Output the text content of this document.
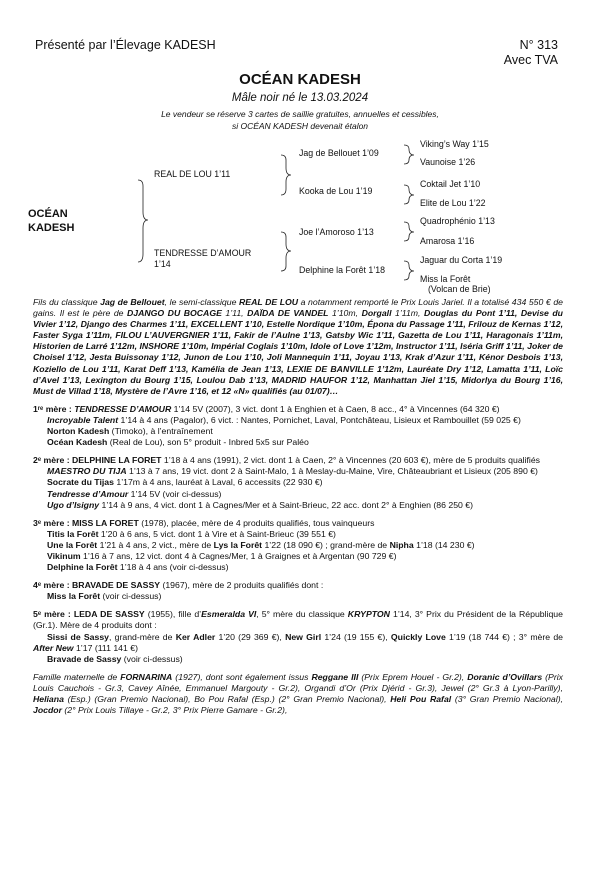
Présenté par l’Élevage KADESH	N° 313
Avec TVA
OCÉAN KADESH
Mâle noir né le 13.03.2024
Le vendeur se réserve 3 cartes de saillie gratuites, annuelles et cessibles,
si OCÉAN KADESH devenait étalon
OCÉAN
KADESH
REAL DE LOU 1’11
TENDRESSE D’AMOUR
1’14
Jag de Bellouet 1’09
Kooka de Lou 1’19
Joe l’Amoroso 1’13
Delphine la Forêt 1’18
Viking’s Way 1’15
Vaunoise 1’26
Coktail Jet 1’10
Elite de Lou 1’22
Quadrophénio 1’13
Amarosa 1’16
Jaguar du Corta 1’19
Miss la Forêt
(Volcan de Brie)

Fils du classique Jag de Bellouet, le semi-classique REAL DE LOU a notamment remporté le Prix Louis Jariel. Il a totalisé 434 550 € de gains. Il est le père de DJANGO DU BOCAGE 1’11, DAÏDA DE VANDEL 1’10m, Dorgall 1’11m, Douglas du Pont 1’11, Devise du Vivier 1’12, Django des Charmes 1’11, EXCELLENT 1’10, Estelle Nordique 1’10m, Épona du Passage 1’11, Frilouz de Kernas 1’12, Faster Syga 1’11m, FILOU L’AUVERGNIER 1’11, Fakir de l’Aulne 1’13, Gatsby Wic 1’11, Gazetta de Lou 1’11, Haragonais 1’11m, Historien de Larré 1’12m, INSHORE 1’10m, Impérial Coglais 1’10m, Idole of Love 1’12m, Instructor 1’11, Iséria Griff 1’11, Joker de Choisel 1’12, Jesta Buissonay 1’12, Junon de Lou 1’10, Joli Mannequin 1’11, Joyau 1’13, Krak d’Azur 1’11, Kénor Desbois 1’13, Koziello de Lou 1’11, Karat Deff 1’13, Kamélia de Jean 1’13, LEXIE DE BANVILLE 1’12m, Lauréate Dry 1’12, Lamatta 1’11, Loïc d’Avel 1’13, Lexington du Bourg 1’15, Loulou Dab 1’13, MADRID HAUFOR 1’12, Manhattan Jiel 1’15, Midorlya du Bourg 1’16, Must de Villad 1’18, Mystère de l’Avre 1’16, et 12 «N» qualifiés (au 01/07)…

1ʳᵉ mère : TENDRESSE D’AMOUR 1’14 5V (2007), 3 vict. dont 1 à Enghien et à Caen, 8 acc., 4° à Vincennes (64 320 €)
Incroyable Talent 1’14 à 4 ans (Pagalor), 6 vict. : Nantes, Pornichet, Laval, Pontchâteau, Lisieux et Rambouillet (59 025 €)
Norton Kadesh (Timoko), à l’entraînement
Océan Kadesh (Real de Lou), son 5° produit - Inbred 5x5 sur Paléo

2ᵉ mère : DELPHINE LA FORET 1’18 à 4 ans (1991), 2 vict. dont 1 à Caen, 2° à Vincennes (20 603 €), mère de 5 produits qualifiés
MAESTRO DU TIJA 1’13 à 7 ans, 19 vict. dont 2 à Saint-Malo, 1 à Meslay-du-Maine, Vire, Châteaubriant et Lisieux (205 890 €)
Socrate du Tijas 1’17m à 4 ans, lauréat à Laval, 6 accessits (22 930 €)
Tendresse d’Amour 1’14 5V (voir ci-dessus)
Ugo d’Isigny 1’14 à 9 ans, 4 vict. dont 1 à Cagnes/Mer et à Saint-Brieuc, 22 acc. dont 2° à Enghien (86 250 €)

3ᵉ mère : MISS LA FORET (1978), placée, mère de 4 produits qualifiés, tous vainqueurs
Titis la Forêt 1’20 à 6 ans, 5 vict. dont 1 à Vire et à Saint-Brieuc (39 551 €)
Une la Forêt 1’21 à 4 ans, 2 vict., mère de Lys la Forêt 1’22 (18 090 €) ; grand-mère de Nipha 1’18 (14 230 €)
Vikinum 1’16 à 7 ans, 12 vict. dont 4 à Cagnes/Mer, 1 à Graignes et à Argentan (90 729 €)
Delphine la Forêt 1’18 à 4 ans (voir ci-dessus)

4ᵉ mère : BRAVADE DE SASSY (1967), mère de 2 produits qualifiés dont :
Miss la Forêt (voir ci-dessus)

5ᵉ mère : LEDA DE SASSY (1955), fille d’Esmeralda VI, 5° mère du classique KRYPTON 1’14, 3° Prix du Président de la République (Gr.1). Mère de 4 produits dont :
Sissi de Sassy, grand-mère de Ker Adler 1’20 (29 369 €), New Girl 1’24 (19 155 €), Quickly Love 1’19 (18 744 €) ; 3° mère de After New 1’17 (111 141 €)
Bravade de Sassy (voir ci-dessus)

Famille maternelle de FORNARINA (1927), dont sont également issus Reggane III (Prix Eprem Houel - Gr.2), Doranic d’Ovillars (Prix Louis Cauchois - Gr.3, Cavey Aînée, Emmanuel Margouty - Gr.2), Organdi d’Or (Prix Djérid - Gr.3), Jewel (2° Gr.3 à Lyon-Parilly), Heliana (Esp.) (Gran Premio Nacional), Bo Pou Rafal (Esp.) (2° Gran Premio Nacional), Heli Pou Rafal (3° Gran Premio Nacional), Jocdor (2° Prix Louis Tillaye - Gr.2, 3° Prix Pierre Gamare - Gr.2),
